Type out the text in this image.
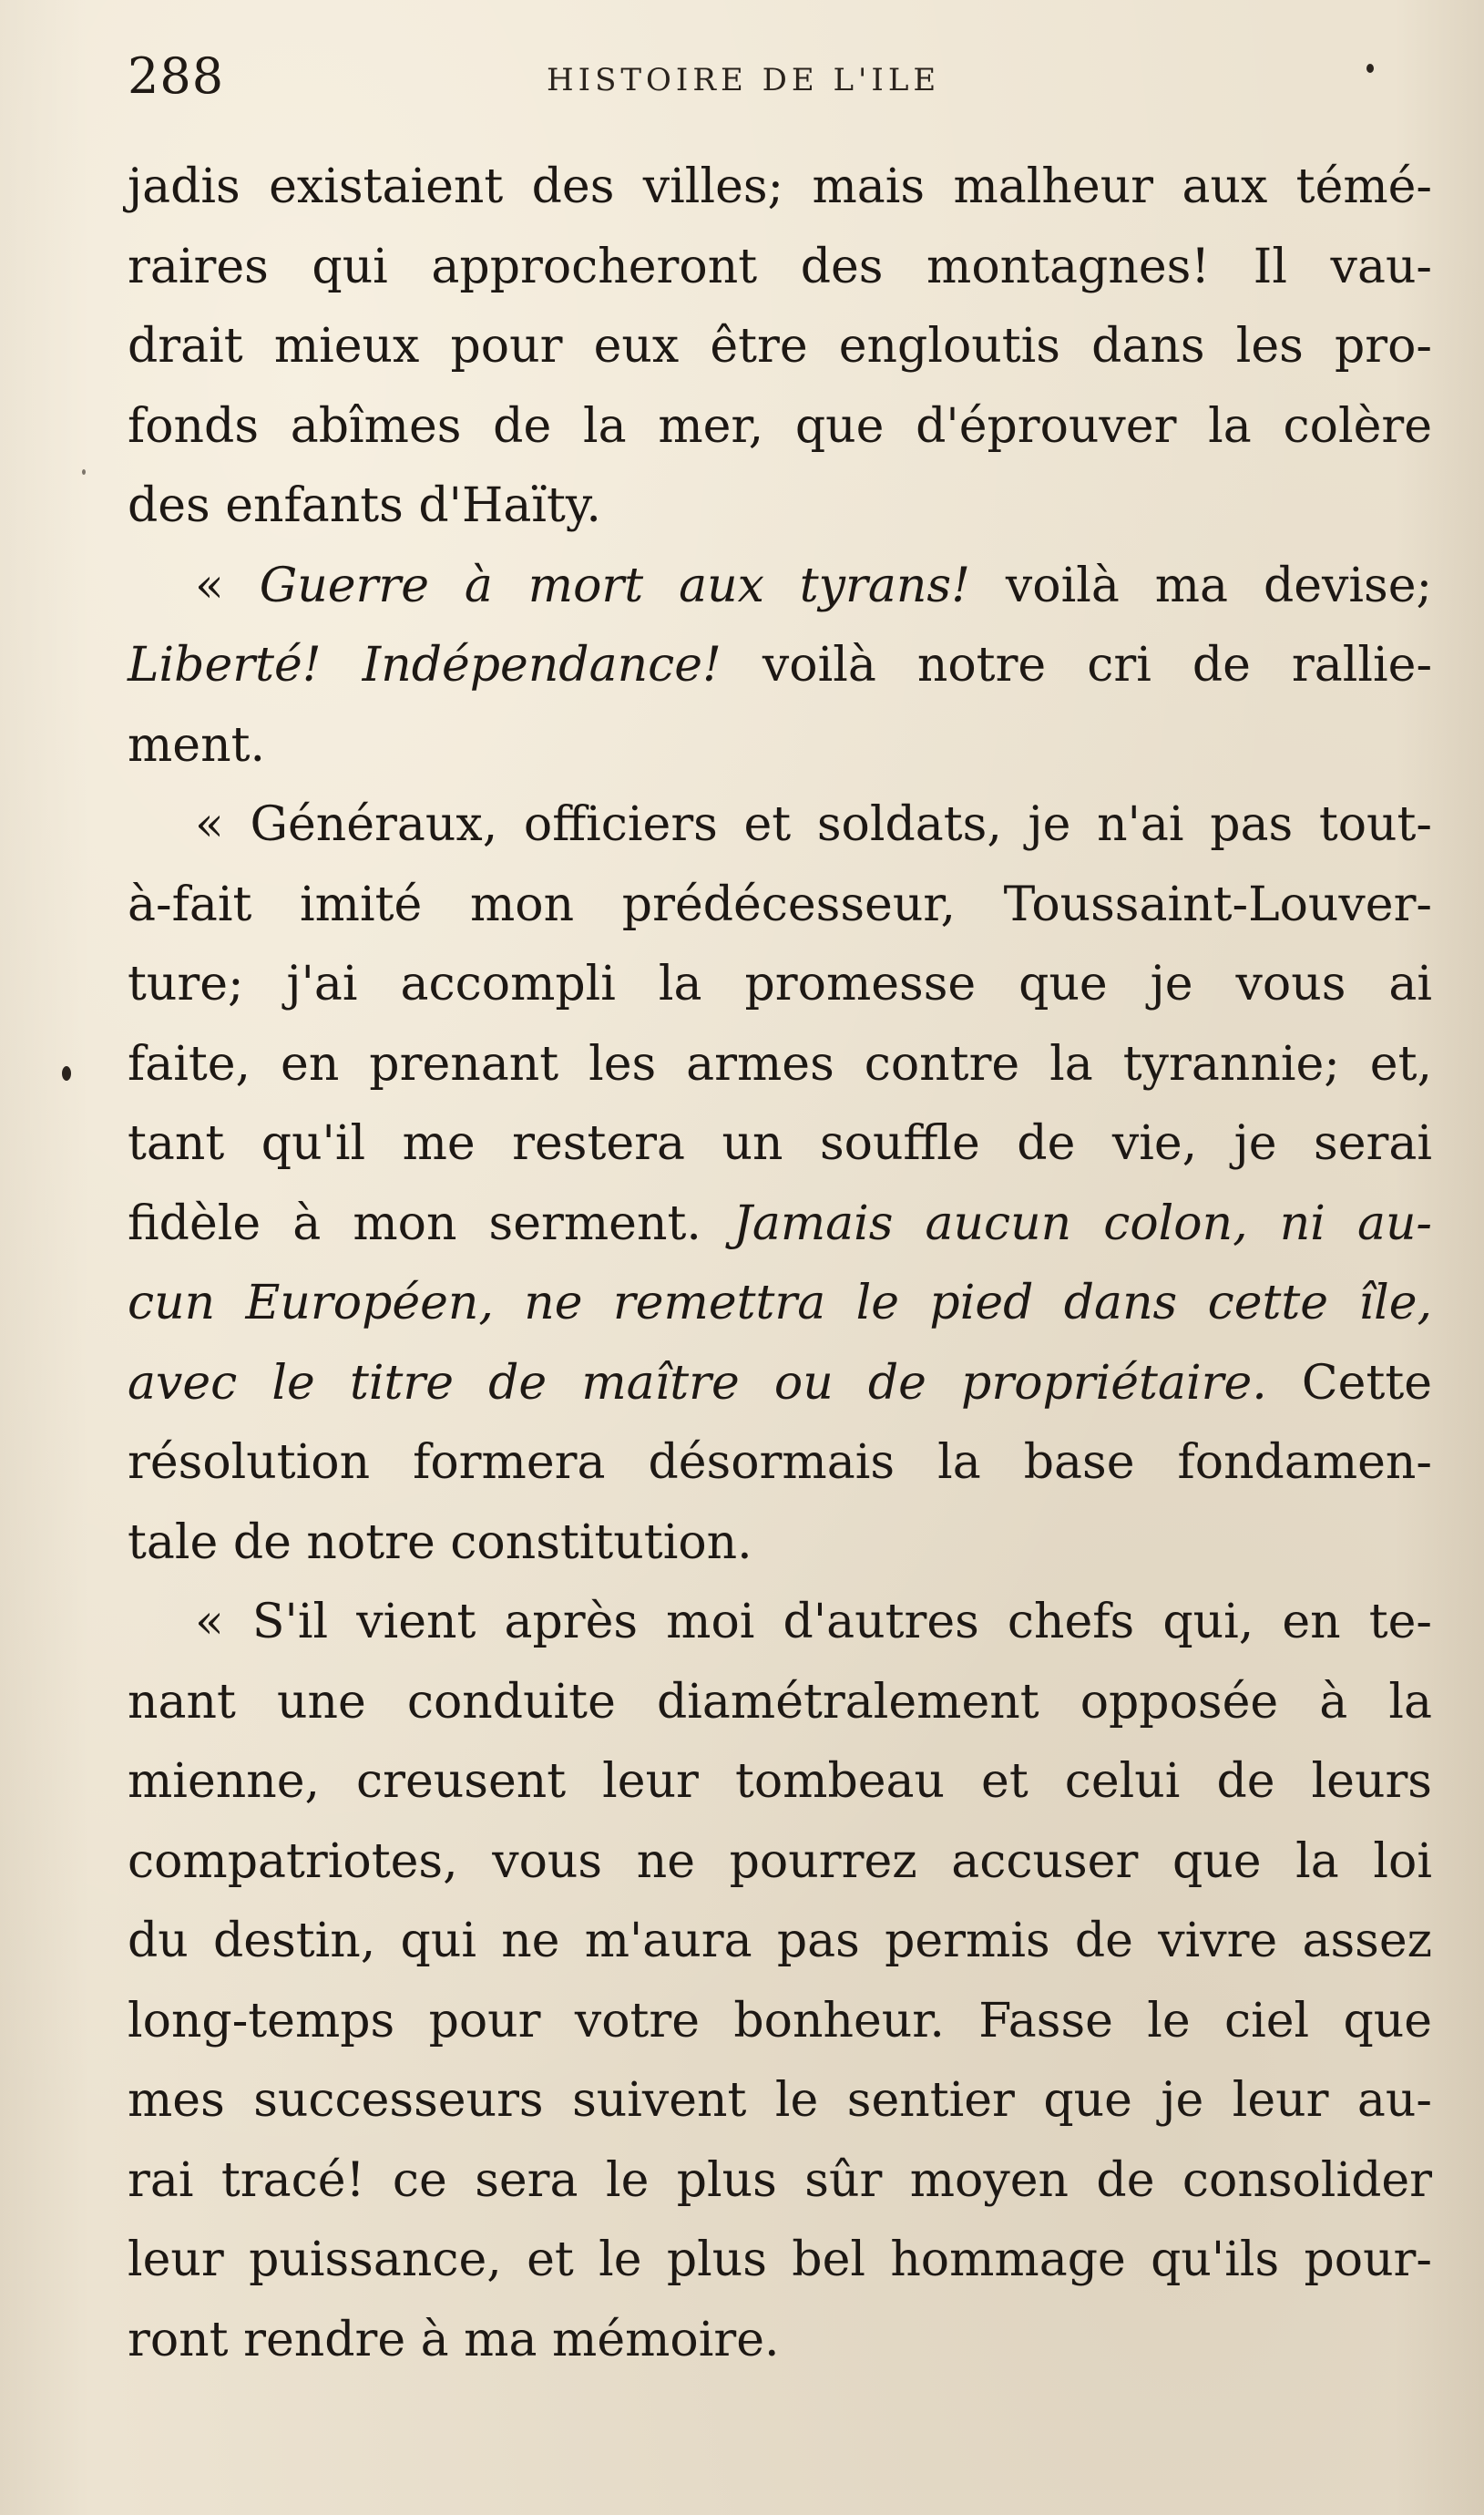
288	HISTOIRE DE L'ILE
jadis existaient des villes; mais malheur aux témé-
raires qui approcheront des montagnes! Il vau-
drait mieux pour eux être engloutis dans les pro-
fonds abîmes de la mer, que d'éprouver la colère
des enfants d'Haïty.
« Guerre à mort aux tyrans! voilà ma devise;
Liberté! Indépendance! voilà notre cri de rallie-
ment.
« Généraux, officiers et soldats, je n'ai pas tout-
à-fait imité mon prédécesseur, Toussaint-Louver-
ture; j'ai accompli la promesse que je vous ai
faite, en prenant les armes contre la tyrannie; et,
tant qu'il me restera un souffle de vie, je serai
fidèle à mon serment. Jamais aucun colon, ni au-
cun Européen, ne remettra le pied dans cette île,
avec le titre de maître ou de propriétaire. Cette
résolution formera désormais la base fondamen-
tale de notre constitution.
« S'il vient après moi d'autres chefs qui, en te-
nant une conduite diamétralement opposée à la
mienne, creusent leur tombeau et celui de leurs
compatriotes, vous ne pourrez accuser que la loi
du destin, qui ne m'aura pas permis de vivre assez
long-temps pour votre bonheur. Fasse le ciel que
mes successeurs suivent le sentier que je leur au-
rai tracé! ce sera le plus sûr moyen de consolider
leur puissance, et le plus bel hommage qu'ils pour-
ront rendre à ma mémoire.
